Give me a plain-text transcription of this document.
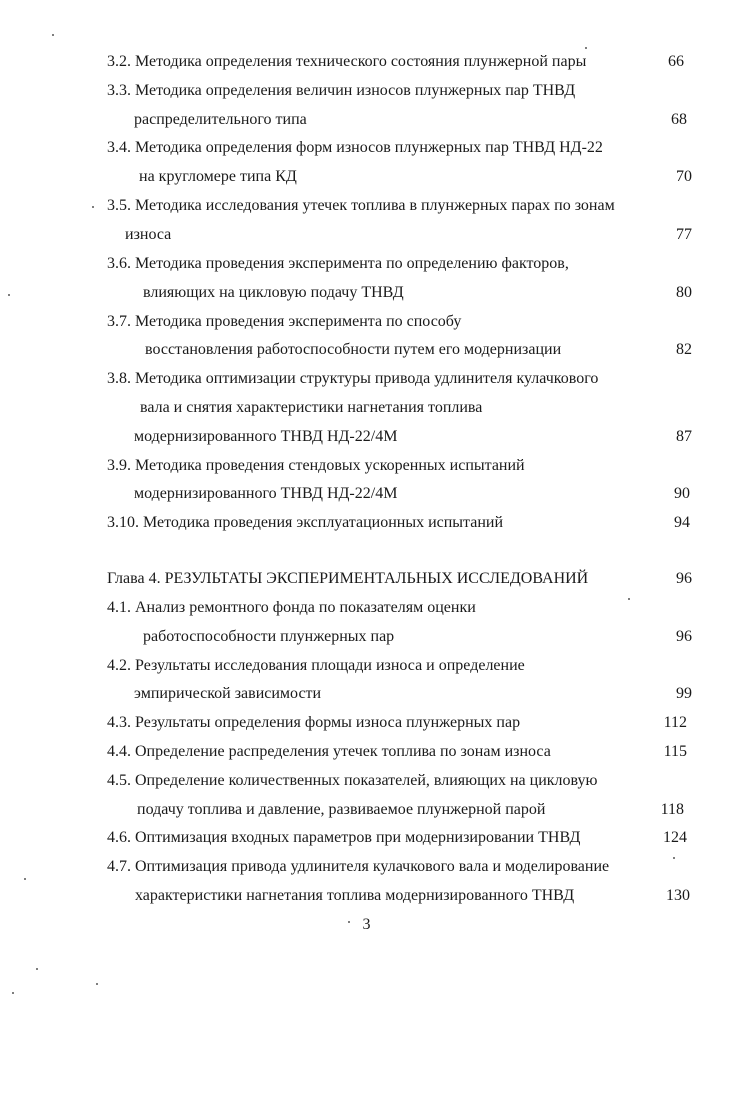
3.2. Методика определения технического состояния плунжерной пары	66
3.3. Методика определения величин износов плунжерных пар ТНВД
распределительного типа	68
3.4. Методика определения форм износов плунжерных пар ТНВД НД-22
на кругломере типа КД	70
3.5. Методика исследования утечек топлива в плунжерных парах по зонам
износа	77
3.6. Методика проведения эксперимента по определению факторов,
влияющих на цикловую подачу ТНВД	80
3.7. Методика проведения эксперимента по способу
восстановления работоспособности путем его модернизации	82
3.8. Методика оптимизации структуры привода удлинителя кулачкового
вала и снятия характеристики нагнетания топлива
модернизированного ТНВД НД-22/4М	87
3.9. Методика проведения стендовых ускоренных испытаний
модернизированного ТНВД НД-22/4М	90
3.10. Методика проведения эксплуатационных испытаний	94
Глава 4. РЕЗУЛЬТАТЫ ЭКСПЕРИМЕНТАЛЬНЫХ ИССЛЕДОВАНИЙ	96
4.1. Анализ ремонтного фонда по показателям оценки
работоспособности плунжерных пар	96
4.2. Результаты исследования площади износа и определение
эмпирической зависимости	99
4.3. Результаты определения формы износа плунжерных пар	112
4.4. Определение распределения утечек топлива по зонам износа	115
4.5. Определение количественных показателей, влияющих на цикловую
подачу топлива и давление, развиваемое плунжерной парой	118
4.6. Оптимизация входных параметров при модернизировании ТНВД	124
4.7. Оптимизация привода удлинителя кулачкового вала и моделирование
характеристики нагнетания топлива модернизированного ТНВД	130
3
